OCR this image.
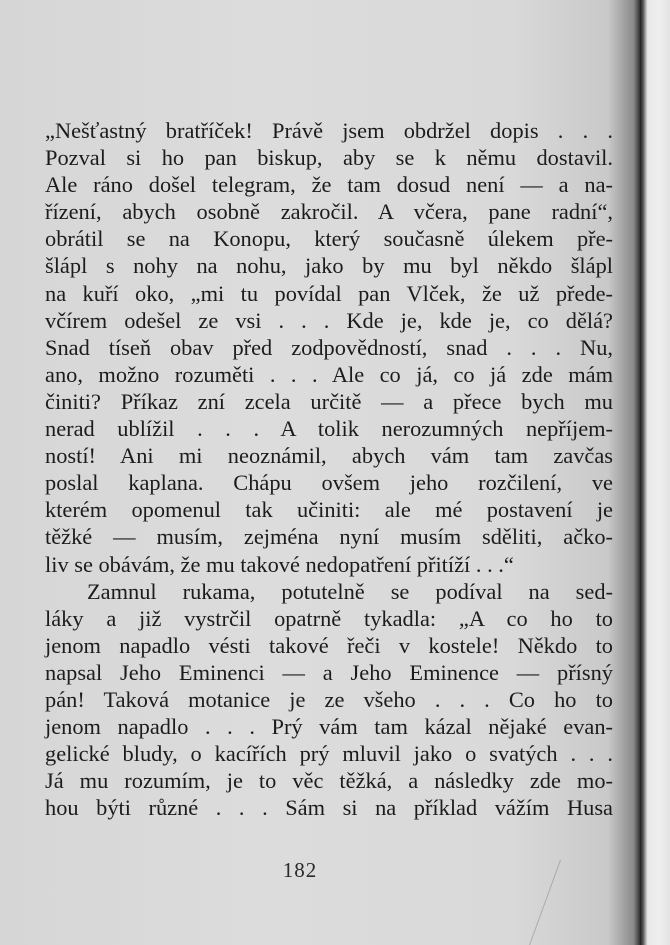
„Nešťastný bratříček! Právě jsem obdržel dopis . . .
Pozval si ho pan biskup, aby se k němu dostavil.
Ale ráno došel telegram, že tam dosud není — a na-
řízení, abych osobně zakročil. A včera, pane radní“,
obrátil se na Konopu, který současně úlekem pře-
šlápl s nohy na nohu, jako by mu byl někdo šlápl
na kuří oko, „mi tu povídal pan Vlček, že už přede-
včírem odešel ze vsi . . . Kde je, kde je, co dělá?
Snad tíseň obav před zodpovědností, snad . . . Nu,
ano, možno rozuměti . . . Ale co já, co já zde mám
činiti? Příkaz zní zcela určitě — a přece bych mu
nerad ublížil . . . A tolik nerozumných nepříjem-
ností! Ani mi neoznámil, abych vám tam zavčas
poslal kaplana. Chápu ovšem jeho rozčilení, ve
kterém opomenul tak učiniti: ale mé postavení je
těžké — musím, zejména nyní musím sděliti, ačko-
liv se obávám, že mu takové nedopatření přitíží . . .“
Zamnul rukama, potutelně se podíval na sed-
láky a již vystrčil opatrně tykadla: „A co ho to
jenom napadlo vésti takové řeči v kostele! Někdo to
napsal Jeho Eminenci — a Jeho Eminence — přísný
pán! Taková motanice je ze všeho . . . Co ho to
jenom napadlo . . . Prý vám tam kázal nějaké evan-
gelické bludy, o kacířích prý mluvil jako o svatých . . .
Já mu rozumím, je to věc těžká, a následky zde mo-
hou býti různé . . . Sám si na příklad vážím Husa
182
